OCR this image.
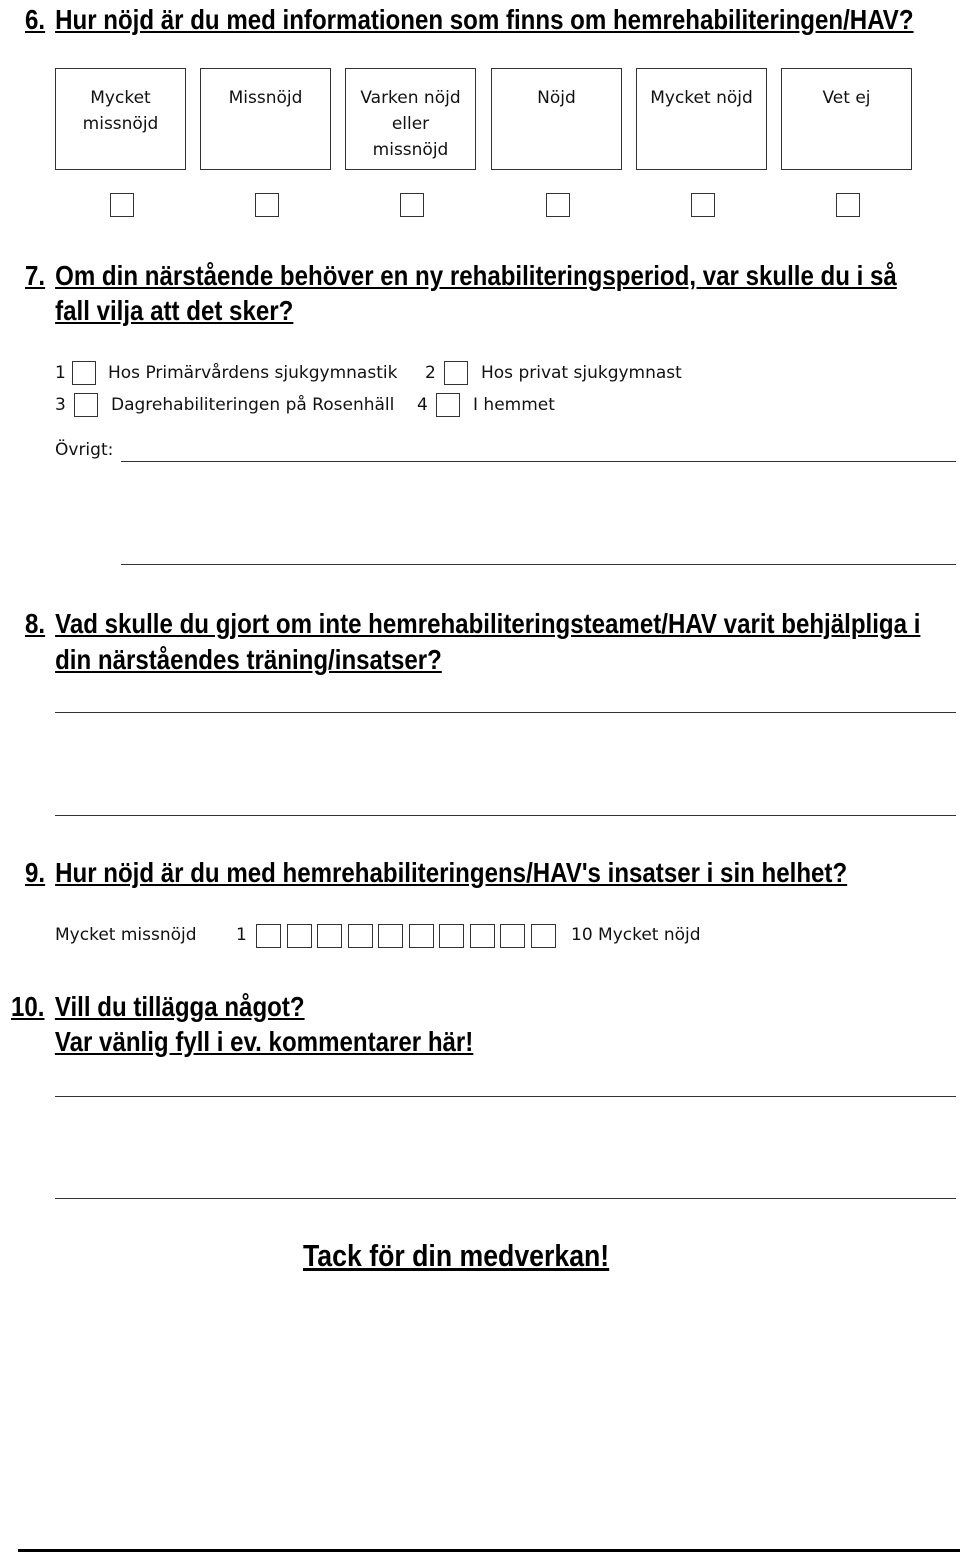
6. Hur nöjd är du med informationen som finns om hemrehabiliteringen/HAV?
Mycket
missnöjd
Missnöjd	Varken nöjd
eller
missnöjd
Nöjd	Mycket nöjd	Vet ej
7. Om din närstående behöver en ny rehabiliteringsperiod, var skulle du i så
fall vilja att det sker?
1 Hos Primärvårdens sjukgymnastik 2	Hos privat sjukgymnast
3	Dagrehabiliteringen på Rosenhäll 4	I hemmet
Övrigt:
8. Vad skulle du gjort om inte hemrehabiliteringsteamet/HAV varit behjälpliga i
din närståendes träning/insatser?
9. Hur nöjd är du med hemrehabiliteringens/HAV's insatser i sin helhet?
Mycket missnöjd 1	10 Mycket nöjd
10. Vill du tillägga något?
Var vänlig fyll i ev. kommentarer här!
Tack för din medverkan!
